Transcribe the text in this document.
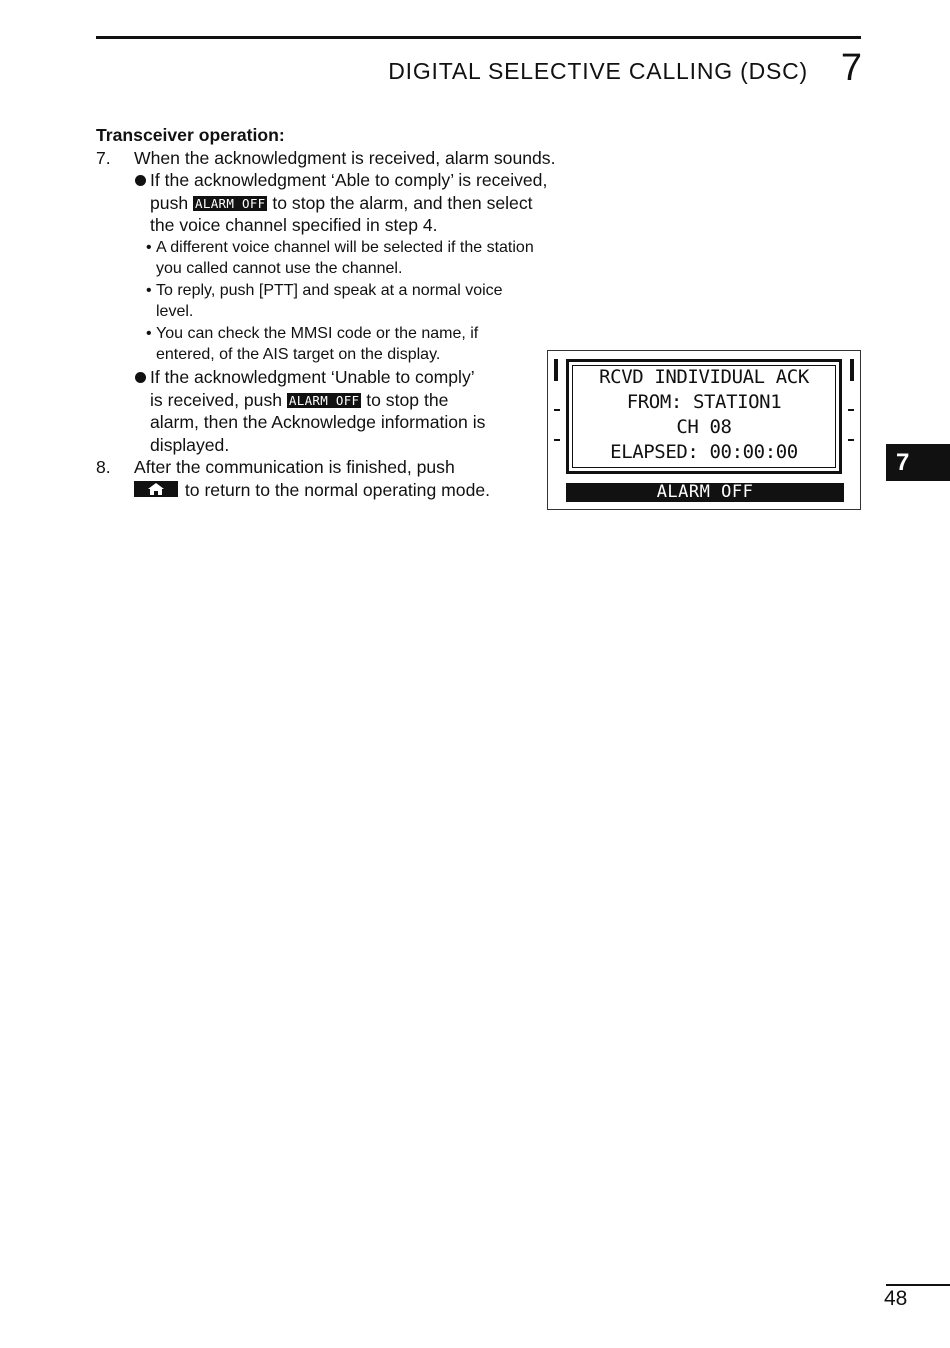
DIGITAL SELECTIVE CALLING (DSC) 7
Transceiver operation:
7. When the acknowledgment is received, alarm sounds.
If the acknowledgment ‘Able to comply’ is received,
push ALARM OFF to stop the alarm, and then select
the voice channel specified in step 4.
• A different voice channel will be selected if the station
you called cannot use the channel.
• To reply, push [PTT] and speak at a normal voice
level.
• You can check the MMSI code or the name, if
entered, of the AIS target on the display.
If the acknowledgment ‘Unable to comply’
is received, push ALARM OFF to stop the
alarm, then the Acknowledge information is
displayed.
8. After the communication is finished, push
to return to the normal operating mode.
RCVD INDIVIDUAL ACK
FROM: STATION1
CH 08
ELAPSED: 00:00:00
ALARM OFF
7
48
